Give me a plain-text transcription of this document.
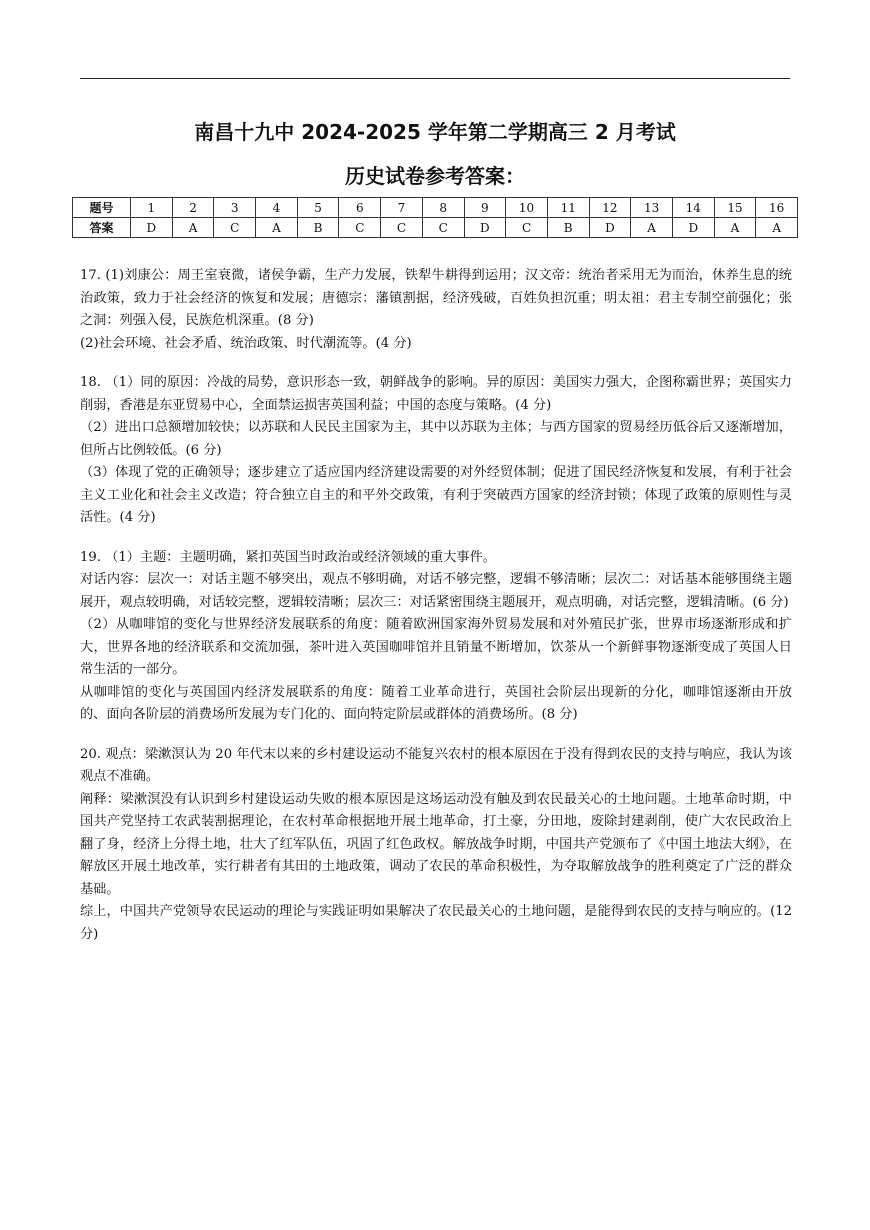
南昌十九中 2024-2025 学年第二学期高三 2 月考试
历史试卷参考答案：
题号	1	2	3	4	5	6	7	8	9	10	11	12	13	14	15	16
答案	D	A	C	A	B	C	C	C	D	C	B	D	A	D	A	A

17. (1)刘康公：周王室衰微，诸侯争霸，生产力发展，铁犁牛耕得到运用；汉文帝：统治者采用无为而治，休养生息的统治政策，致力于社会经济的恢复和发展；唐德宗：藩镇割据，经济残破，百姓负担沉重；明太祖：君主专制空前强化；张之洞：列强入侵，民族危机深重。(8 分)

(2)社会环境、社会矛盾、统治政策、时代潮流等。(4 分)

18. （1）同的原因：冷战的局势，意识形态一致，朝鲜战争的影响。异的原因：美国实力强大，企图称霸世界；英国实力削弱，香港是东亚贸易中心，全面禁运损害英国利益；中国的态度与策略。(4 分)

（2）进出口总额增加较快；以苏联和人民民主国家为主，其中以苏联为主体；与西方国家的贸易经历低谷后又逐渐增加，但所占比例较低。(6 分)

（3）体现了党的正确领导；逐步建立了适应国内经济建设需要的对外经贸体制；促进了国民经济恢复和发展，有利于社会主义工业化和社会主义改造；符合独立自主的和平外交政策，有利于突破西方国家的经济封锁；体现了政策的原则性与灵活性。(4 分)

19. （1）主题：主题明确，紧扣英国当时政治或经济领域的重大事件。

对话内容：层次一：对话主题不够突出，观点不够明确，对话不够完整，逻辑不够清晰；层次二：对话基本能够围绕主题展开，观点较明确，对话较完整，逻辑较清晰；层次三：对话紧密围绕主题展开，观点明确，对话完整，逻辑清晰。(6 分)

（2）从咖啡馆的变化与世界经济发展联系的角度：随着欧洲国家海外贸易发展和对外殖民扩张，世界市场逐渐形成和扩大，世界各地的经济联系和交流加强，茶叶进入英国咖啡馆并且销量不断增加，饮茶从一个新鲜事物逐渐变成了英国人日常生活的一部分。

从咖啡馆的变化与英国国内经济发展联系的角度：随着工业革命进行，英国社会阶层出现新的分化，咖啡馆逐渐由开放的、面向各阶层的消费场所发展为专门化的、面向特定阶层或群体的消费场所。(8 分)

20. 观点：梁漱溟认为 20 年代末以来的乡村建设运动不能复兴农村的根本原因在于没有得到农民的支持与响应，我认为该观点不准确。

阐释：梁漱溟没有认识到乡村建设运动失败的根本原因是这场运动没有触及到农民最关心的土地问题。土地革命时期，中国共产党坚持工农武装割据理论，在农村革命根据地开展土地革命，打土豪，分田地，废除封建剥削，使广大农民政治上翻了身，经济上分得土地，壮大了红军队伍，巩固了红色政权。解放战争时期，中国共产党颁布了《中国土地法大纲》，在解放区开展土地改革，实行耕者有其田的土地政策，调动了农民的革命积极性，为夺取解放战争的胜利奠定了广泛的群众基础。

综上，中国共产党领导农民运动的理论与实践证明如果解决了农民最关心的土地问题，是能得到农民的支持与响应的。(12 分)
